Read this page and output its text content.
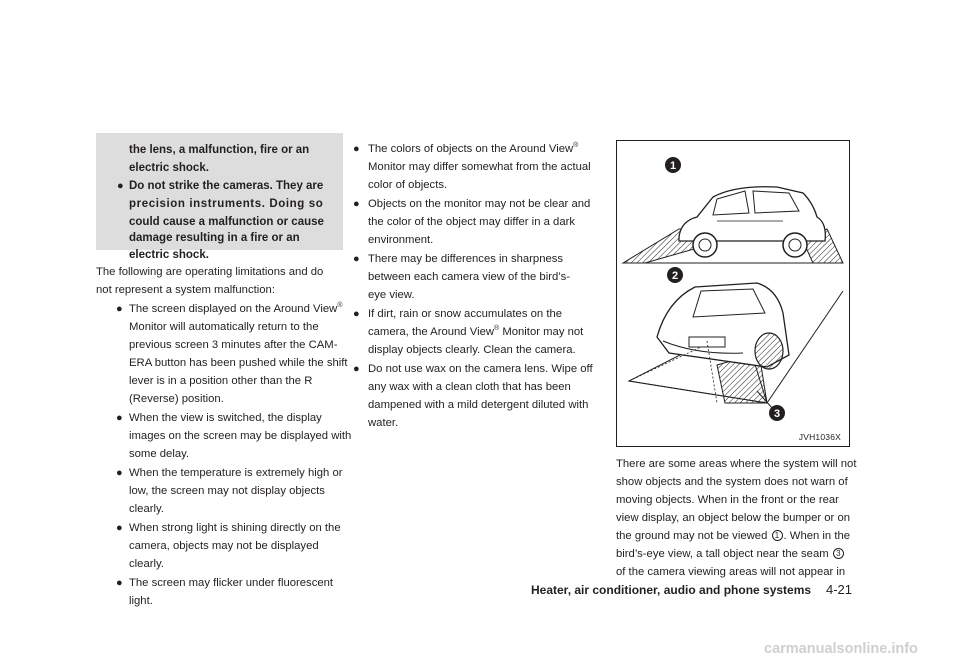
the lens, a malfunction, fire or an
electric shock.
● Do not strike the cameras. They are
precision instruments. Doing so
could cause a malfunction or cause
damage resulting in a fire or an
electric shock.
The following are operating limitations and do
not represent a system malfunction:
● The screen displayed on the Around View®
Monitor will automatically return to the
previous screen 3 minutes after the CAM-
ERA button has been pushed while the shift
lever is in a position other than the R
(Reverse) position.
● When the view is switched, the display
images on the screen may be displayed with
some delay.
● When the temperature is extremely high or
low, the screen may not display objects
clearly.
● When strong light is shining directly on the
camera, objects may not be displayed
clearly.
● The screen may flicker under fluorescent
light.
● The colors of objects on the Around View®
Monitor may differ somewhat from the actual
color of objects.
● Objects on the monitor may not be clear and
the color of the object may differ in a dark
environment.
● There may be differences in sharpness
between each camera view of the bird’s-
eye view.
● If dirt, rain or snow accumulates on the
camera, the Around View® Monitor may not
display objects clearly. Clean the camera.
● Do not use wax on the camera lens. Wipe off
any wax with a clean cloth that has been
dampened with a mild detergent diluted with
water.
1
2
3
JVH1036X
There are some areas where the system will not
show objects and the system does not warn of
moving objects. When in the front or the rear
view display, an object below the bumper or on
the ground may not be viewed 1 . When in the
bird’s-eye view, a tall object near the seam 3
of the camera viewing areas will not appear in
Heater, air conditioner, audio and phone systems 4-21
carmanualsonline.info
